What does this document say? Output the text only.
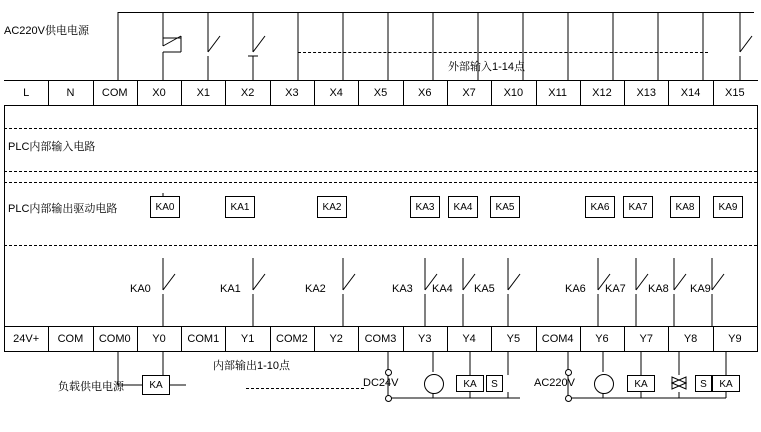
AC220V供电电源
外部输入1-14点
L	N	COM	X0	X1	X2	X3	X4	X5	X6	X7	X10	X11	X12	X13	X14	X15
PLC内部输入电路
PLC内部输出驱动电路	KA0	KA1	KA2	KA3	KA4	KA5	KA6	KA7	KA8	KA9
KA0	KA1	KA2	KA3 KA4 KA5	KA6 KA7 KA8 KA9
24V+	COM	COM0	Y0	COM1	Y1	COM2	Y2	COM3	Y3	Y4	Y5	COM4	Y6	Y7	Y8	Y9
负载供电电源	KA
内部输出1-10点
DC24V	KA	S	AC220V	KA	S	KA
